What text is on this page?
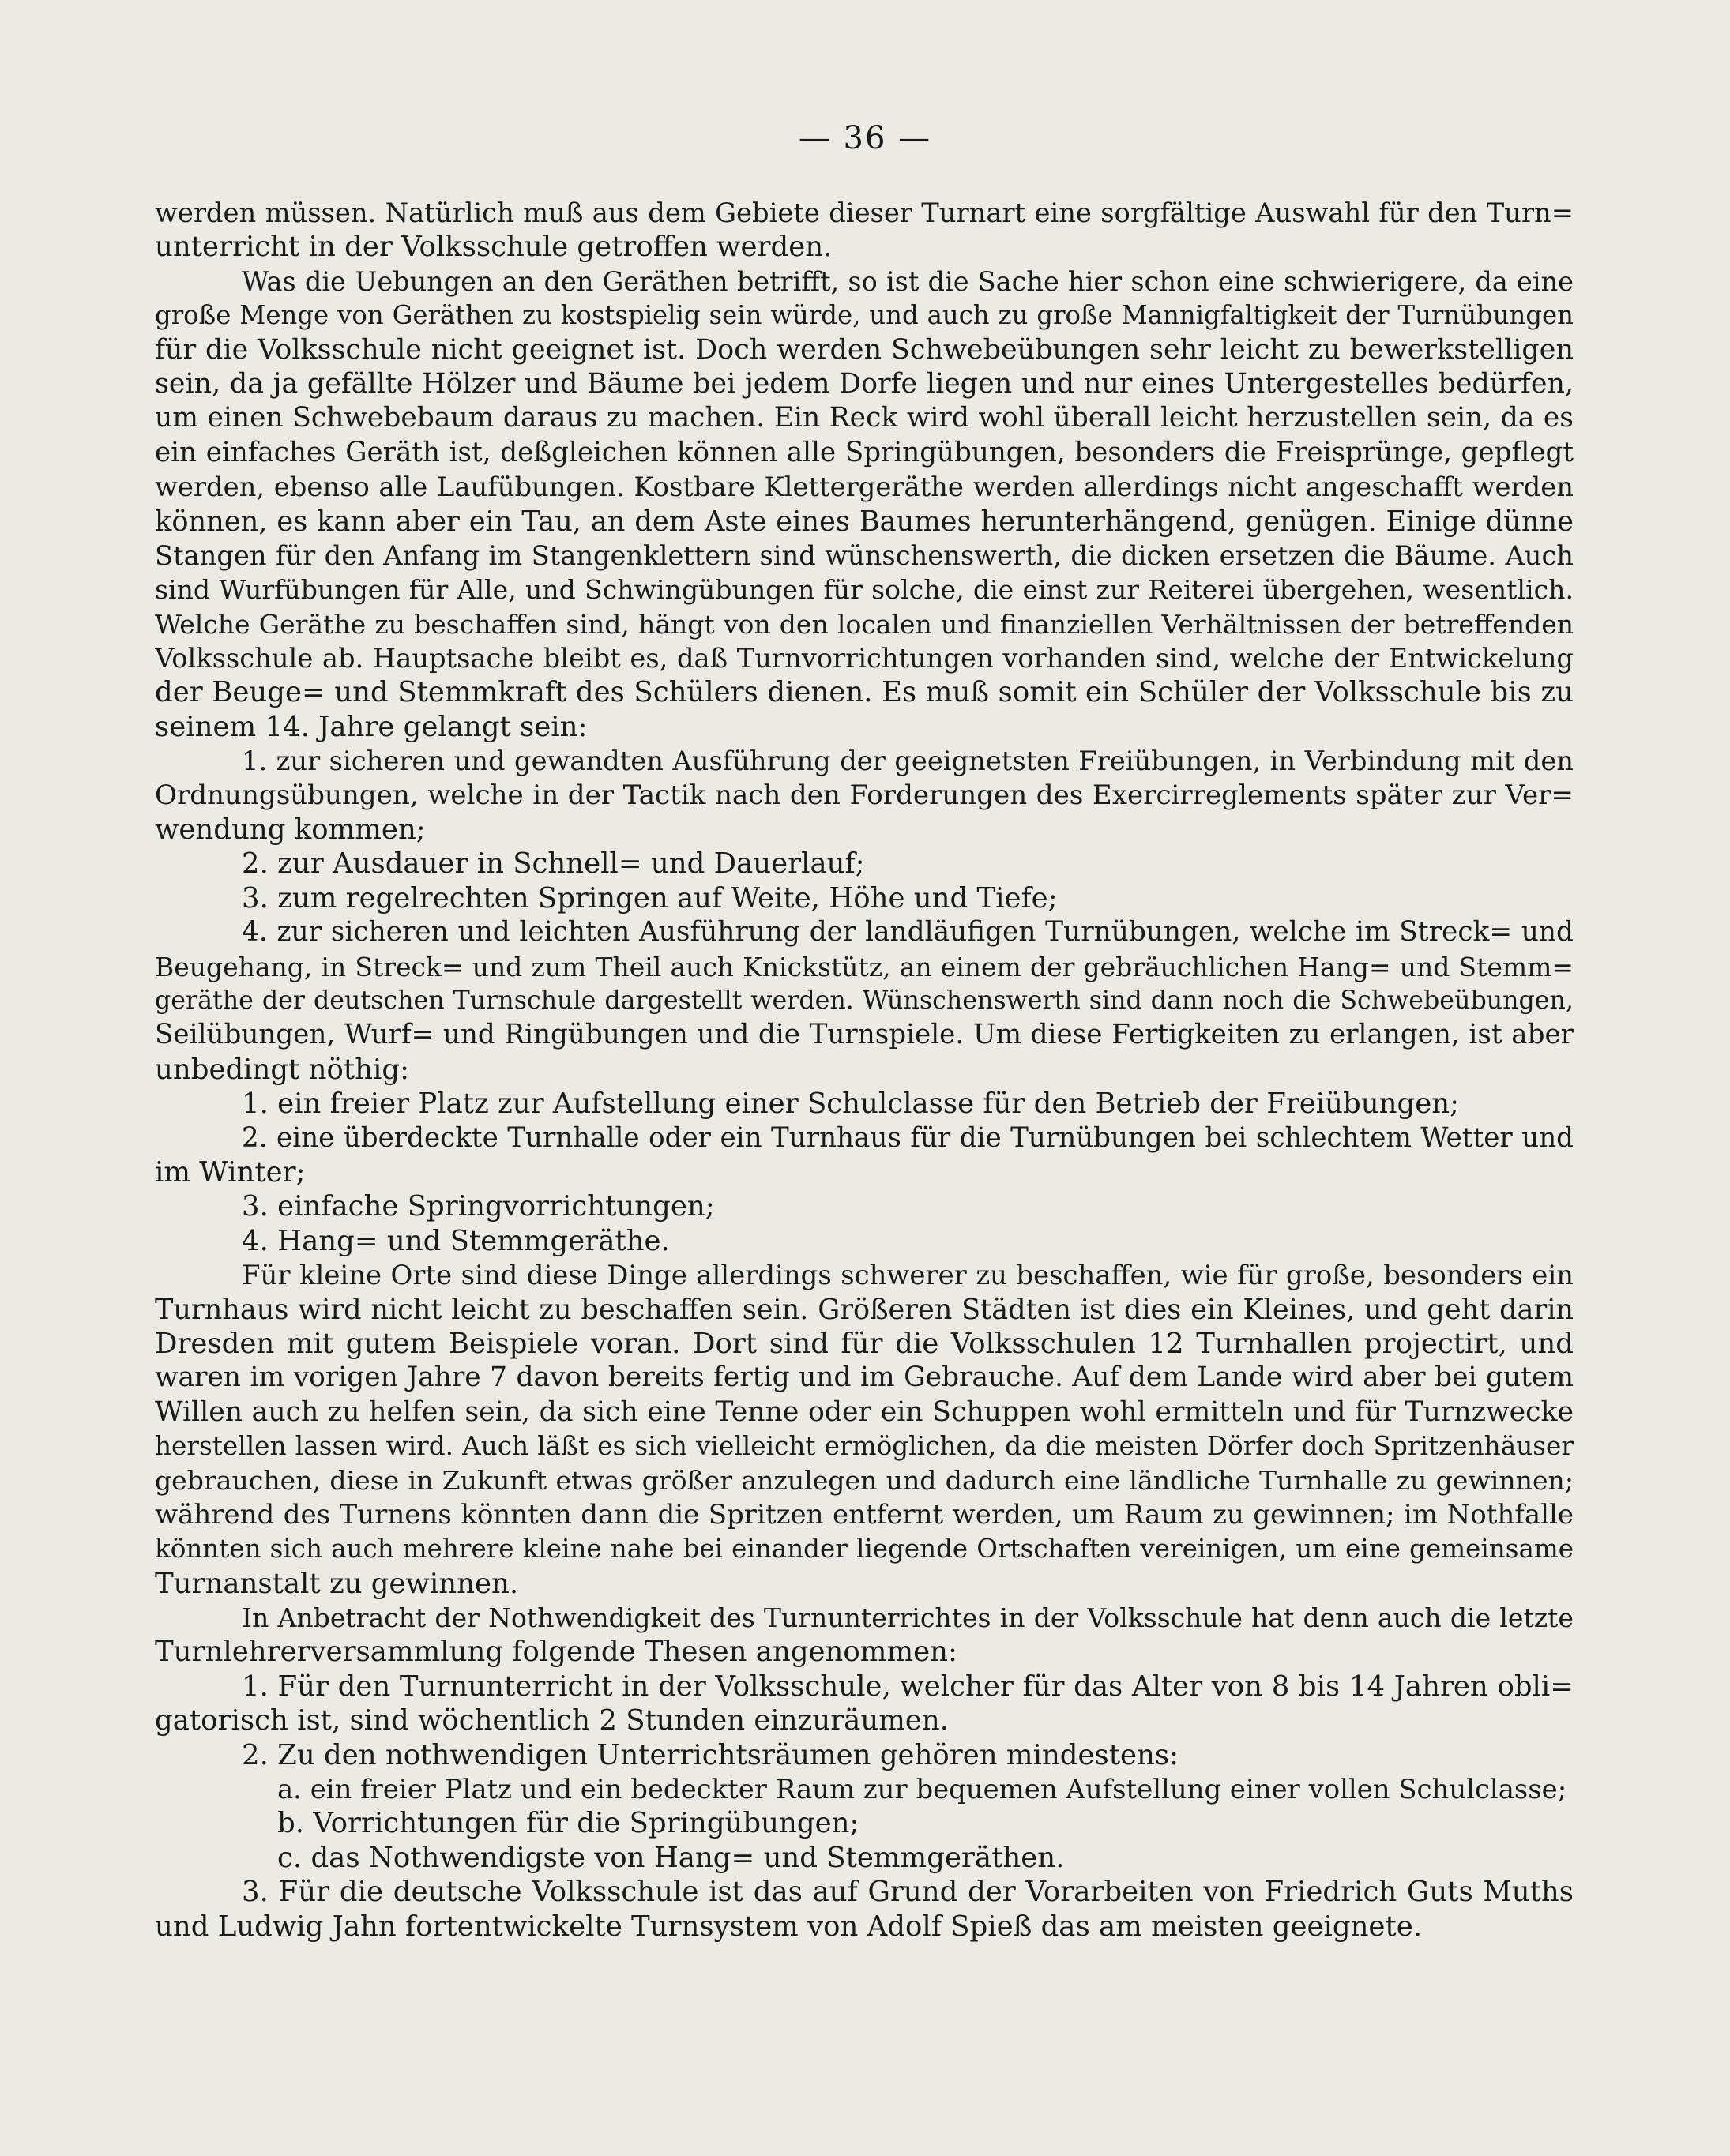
— 36 —
werden müssen. Natürlich muß aus dem Gebiete dieser Turnart eine sorgfältige Auswahl für den Turn=
unterricht in der Volksschule getroffen werden.
Was die Uebungen an den Geräthen betrifft, so ist die Sache hier schon eine schwierigere, da eine
große Menge von Geräthen zu kostspielig sein würde, und auch zu große Mannigfaltigkeit der Turnübungen
für die Volksschule nicht geeignet ist. Doch werden Schwebeübungen sehr leicht zu bewerkstelligen
sein, da ja gefällte Hölzer und Bäume bei jedem Dorfe liegen und nur eines Untergestelles bedürfen,
um einen Schwebebaum daraus zu machen. Ein Reck wird wohl überall leicht herzustellen sein, da es
ein einfaches Geräth ist, deßgleichen können alle Springübungen, besonders die Freisprünge, gepflegt
werden, ebenso alle Laufübungen. Kostbare Klettergeräthe werden allerdings nicht angeschafft werden
können, es kann aber ein Tau, an dem Aste eines Baumes herunterhängend, genügen. Einige dünne
Stangen für den Anfang im Stangenklettern sind wünschenswerth, die dicken ersetzen die Bäume. Auch
sind Wurfübungen für Alle, und Schwingübungen für solche, die einst zur Reiterei übergehen, wesentlich.
Welche Geräthe zu beschaffen sind, hängt von den localen und finanziellen Verhältnissen der betreffenden
Volksschule ab. Hauptsache bleibt es, daß Turnvorrichtungen vorhanden sind, welche der Entwickelung
der Beuge= und Stemmkraft des Schülers dienen. Es muß somit ein Schüler der Volksschule bis zu
seinem 14. Jahre gelangt sein:
1. zur sicheren und gewandten Ausführung der geeignetsten Freiübungen, in Verbindung mit den
Ordnungsübungen, welche in der Tactik nach den Forderungen des Exercirreglements später zur Ver=
wendung kommen;
2. zur Ausdauer in Schnell= und Dauerlauf;
3. zum regelrechten Springen auf Weite, Höhe und Tiefe;
4. zur sicheren und leichten Ausführung der landläufigen Turnübungen, welche im Streck= und
Beugehang, in Streck= und zum Theil auch Knickstütz, an einem der gebräuchlichen Hang= und Stemm=
geräthe der deutschen Turnschule dargestellt werden. Wünschenswerth sind dann noch die Schwebeübungen,
Seilübungen, Wurf= und Ringübungen und die Turnspiele. Um diese Fertigkeiten zu erlangen, ist aber
unbedingt nöthig:
1. ein freier Platz zur Aufstellung einer Schulclasse für den Betrieb der Freiübungen;
2. eine überdeckte Turnhalle oder ein Turnhaus für die Turnübungen bei schlechtem Wetter und
im Winter;
3. einfache Springvorrichtungen;
4. Hang= und Stemmgeräthe.
Für kleine Orte sind diese Dinge allerdings schwerer zu beschaffen, wie für große, besonders ein
Turnhaus wird nicht leicht zu beschaffen sein. Größeren Städten ist dies ein Kleines, und geht darin
Dresden mit gutem Beispiele voran. Dort sind für die Volksschulen 12 Turnhallen projectirt, und
waren im vorigen Jahre 7 davon bereits fertig und im Gebrauche. Auf dem Lande wird aber bei gutem
Willen auch zu helfen sein, da sich eine Tenne oder ein Schuppen wohl ermitteln und für Turnzwecke
herstellen lassen wird. Auch läßt es sich vielleicht ermöglichen, da die meisten Dörfer doch Spritzenhäuser
gebrauchen, diese in Zukunft etwas größer anzulegen und dadurch eine ländliche Turnhalle zu gewinnen;
während des Turnens könnten dann die Spritzen entfernt werden, um Raum zu gewinnen; im Nothfalle
könnten sich auch mehrere kleine nahe bei einander liegende Ortschaften vereinigen, um eine gemeinsame
Turnanstalt zu gewinnen.
In Anbetracht der Nothwendigkeit des Turnunterrichtes in der Volksschule hat denn auch die letzte
Turnlehrerversammlung folgende Thesen angenommen:
1. Für den Turnunterricht in der Volksschule, welcher für das Alter von 8 bis 14 Jahren obli=
gatorisch ist, sind wöchentlich 2 Stunden einzuräumen.
2. Zu den nothwendigen Unterrichtsräumen gehören mindestens:
a. ein freier Platz und ein bedeckter Raum zur bequemen Aufstellung einer vollen Schulclasse;
b. Vorrichtungen für die Springübungen;
c. das Nothwendigste von Hang= und Stemmgeräthen.
3. Für die deutsche Volksschule ist das auf Grund der Vorarbeiten von Friedrich Guts Muths
und Ludwig Jahn fortentwickelte Turnsystem von Adolf Spieß das am meisten geeignete.
